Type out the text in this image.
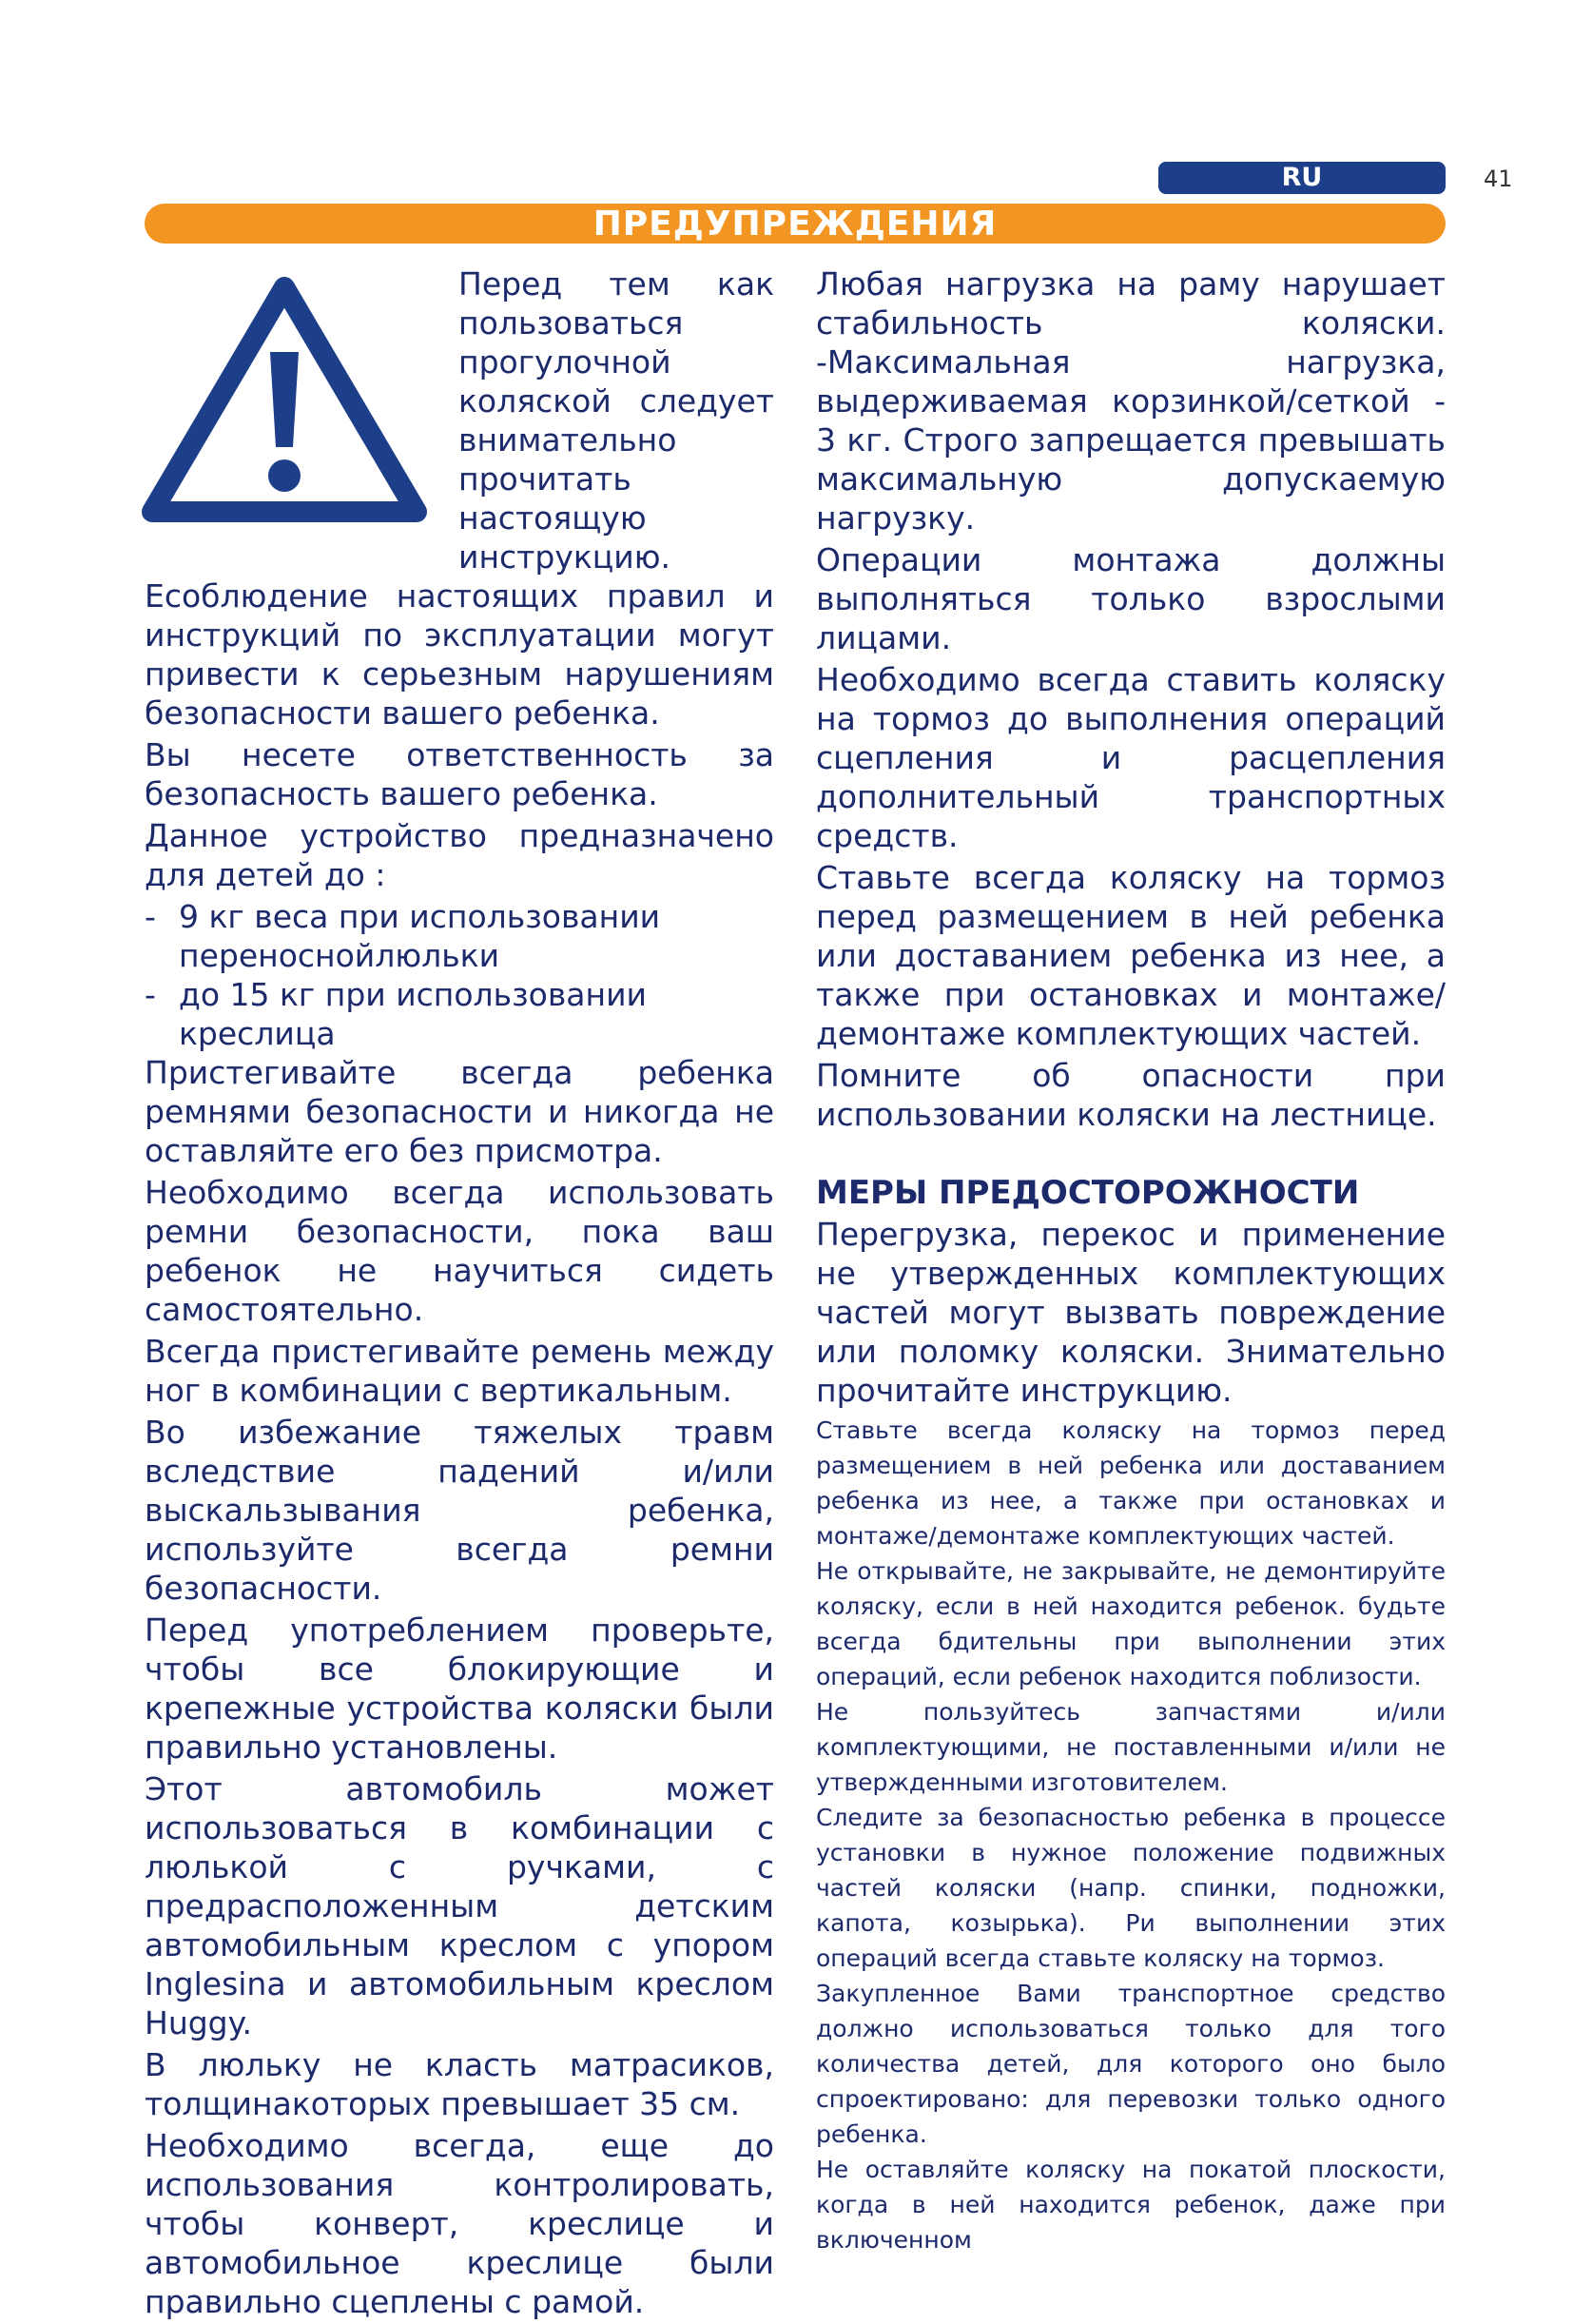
RU	41
ПРЕДУПРЕЖДЕНИЯ

Перед тем как пользоваться прогулочной коляской следует внимательно прочитать настоящую инструкцию. Есоблюдение настоящих правил и инструкций по эксплуатации могут привести к серьезным нарушениям безопасности вашего ребенка.

Вы несете ответственность за безопасность вашего ребенка.

Данное устройство предназначено для детей до :

- 9 кг веса при использовании переноснойлюльки
- до 15 кг при использовании креслица

Пристегивайте всегда ребенка ремнями безопасности и никогда не оставляйте его без присмотра.

Необходимо всегда использовать ремни безопасности, пока ваш ребенок не научиться сидеть самостоятельно.

Всегда пристегивайте ремень между ног в комбинации с вертикальным.

Во избежание тяжелых травм вследствие падений и/или выскальзывания ребенка, используйте всегда ремни безопасности.

Перед употреблением проверьте, чтобы все блокирующие и крепежные устройства коляски были правильно установлены.

Этот автомобиль может использоваться в комбинации с люлькой с ручками, с предрасположенным детским автомобильным креслом с упором Inglesina и автомобильным креслом Huggy.

В люльку не класть матрасиков, толщинакоторых превышает 35 см.

Необходимо всегда, еще до использования контролировать, чтобы конверт, креслице и автомобильное креслице были правильно сцеплены с рамой.

Любая нагрузка на раму нарушает стабильность коляски. -Максимальная нагрузка, выдерживаемая корзинкой/сеткой - 3 кг. Строго запрещается превышать максимальную допускаемую нагрузку.

Операции монтажа должны выполняться только взрослыми лицами.

Необходимо всегда ставить коляску на тормоз до выполнения операций сцепления и расцепления дополнительный транспортных средств.

Ставьте всегда коляску на тормоз перед размещением в ней ребенка или доставанием ребенка из нее, а также при остановках и монтаже/демонтаже комплектующих частей.

Помните об опасности при использовании коляски на лестнице.

МЕРЫ ПРЕДОСТОРОЖНОСТИ

Перегрузка, перекос и применение не утвержденных комплектующих частей могут вызвать повреждение или поломку коляски. Знимательно прочитайте инструкцию.

Ставьте всегда коляску на тормоз перед размещением в ней ребенка или доставанием ребенка из нее, а также при остановках и монтаже/демонтаже комплектующих частей.

Не открывайте, не закрывайте, не демонтируйте коляску, если в ней находится ребенок. будьте всегда бдительны при выполнении этих операций, если ребенок находится поблизости.

Не пользуйтесь запчастями и/или комплектующими, не поставленными и/или не утвержденными изготовителем.

Следите за безопасностью ребенка в процессе установки в нужное положение подвижных частей коляски (напр. спинки, подножки, капота, козырька). Ри выполнении этих операций всегда ставьте коляску на тормоз.

Закупленное Вами транспортное средство должно использоваться только для того количества детей, для которого оно было спроектировано: для перевозки только одного ребенка.

Не оставляйте коляску на покатой плоскости, когда в ней находится ребенок, даже при включенном
